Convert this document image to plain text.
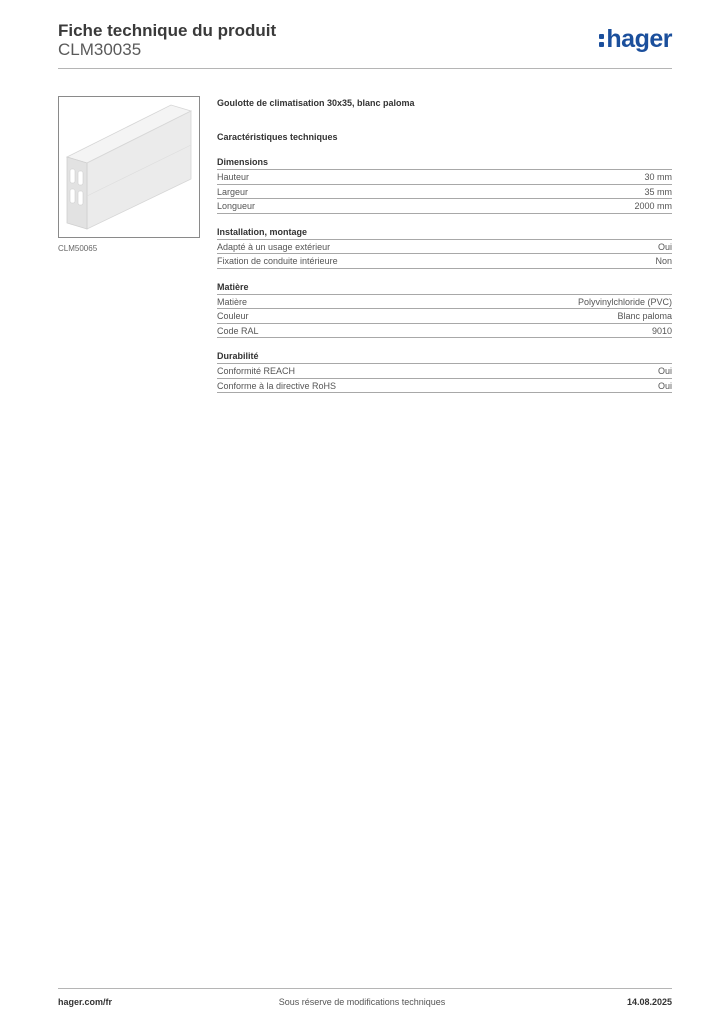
Fiche technique du produit
CLM30035	hager
CLM50065
Goulotte de climatisation 30x35, blanc paloma
Caractéristiques techniques
Dimensions
Hauteur	30 mm
Largeur	35 mm
Longueur	2000 mm
Installation, montage
Adapté à un usage extérieur	Oui
Fixation de conduite intérieure	Non
Matière
Matière	Polyvinylchloride (PVC)
Couleur	Blanc paloma
Code RAL	9010
Durabilité
Conformité REACH	Oui
Conforme à la directive RoHS	Oui
hager.com/fr	Sous réserve de modifications techniques	14.08.2025
